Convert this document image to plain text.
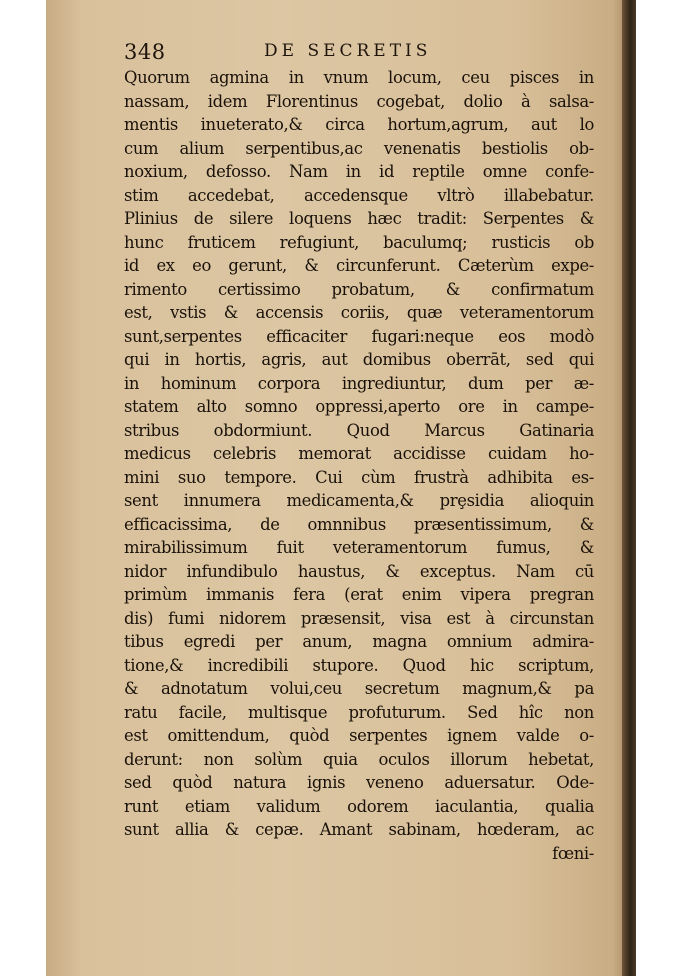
348	DE SECRETIS
Quorum agmina in vnum locum, ceu pisces in
nassam, idem Florentinus cogebat, dolio à salsa-
mentis inueterato,& circa hortum,agrum, aut lo
cum alium serpentibus,ac venenatis bestiolis ob-
noxium, defosso. Nam in id reptile omne confe-
stim accedebat, accedensque vltrò illabebatur.
Plinius de silere loquens hæc tradit: Serpentes &
hunc fruticem refugiunt, baculumq; rusticis ob
id ex eo gerunt, & circunferunt. Cæterùm expe-
rimento certissimo probatum, & confirmatum
est, vstis & accensis coriis, quæ veteramentorum
sunt,serpentes efficaciter fugari:neque eos modò
qui in hortis, agris, aut domibus oberrāt, sed qui
in hominum corpora ingrediuntur, dum per æ-
statem alto somno oppressi,aperto ore in campe-
stribus obdormiunt. Quod Marcus Gatinaria
medicus celebris memorat accidisse cuidam ho-
mini suo tempore. Cui cùm frustrà adhibita es-
sent innumera medicamenta,& prȩsidia alioquin
efficacissima, de omnnibus præsentissimum, &
mirabilissimum fuit veteramentorum fumus, &
nidor infundibulo haustus, & exceptus. Nam cū
primùm immanis fera (erat enim vipera pregran
dis) fumi nidorem præsensit, visa est à circunstan
tibus egredi per anum, magna omnium admira-
tione,& incredibili stupore. Quod hic scriptum,
& adnotatum volui,ceu secretum magnum,& pa
ratu facile, multisque profuturum. Sed hîc non
est omittendum, quòd serpentes ignem valde o-
derunt: non solùm quia oculos illorum hebetat,
sed quòd natura ignis veneno aduersatur. Ode-
runt etiam validum odorem iaculantia, qualia
sunt allia & cepæ. Amant sabinam, hœderam, ac
fœni-
